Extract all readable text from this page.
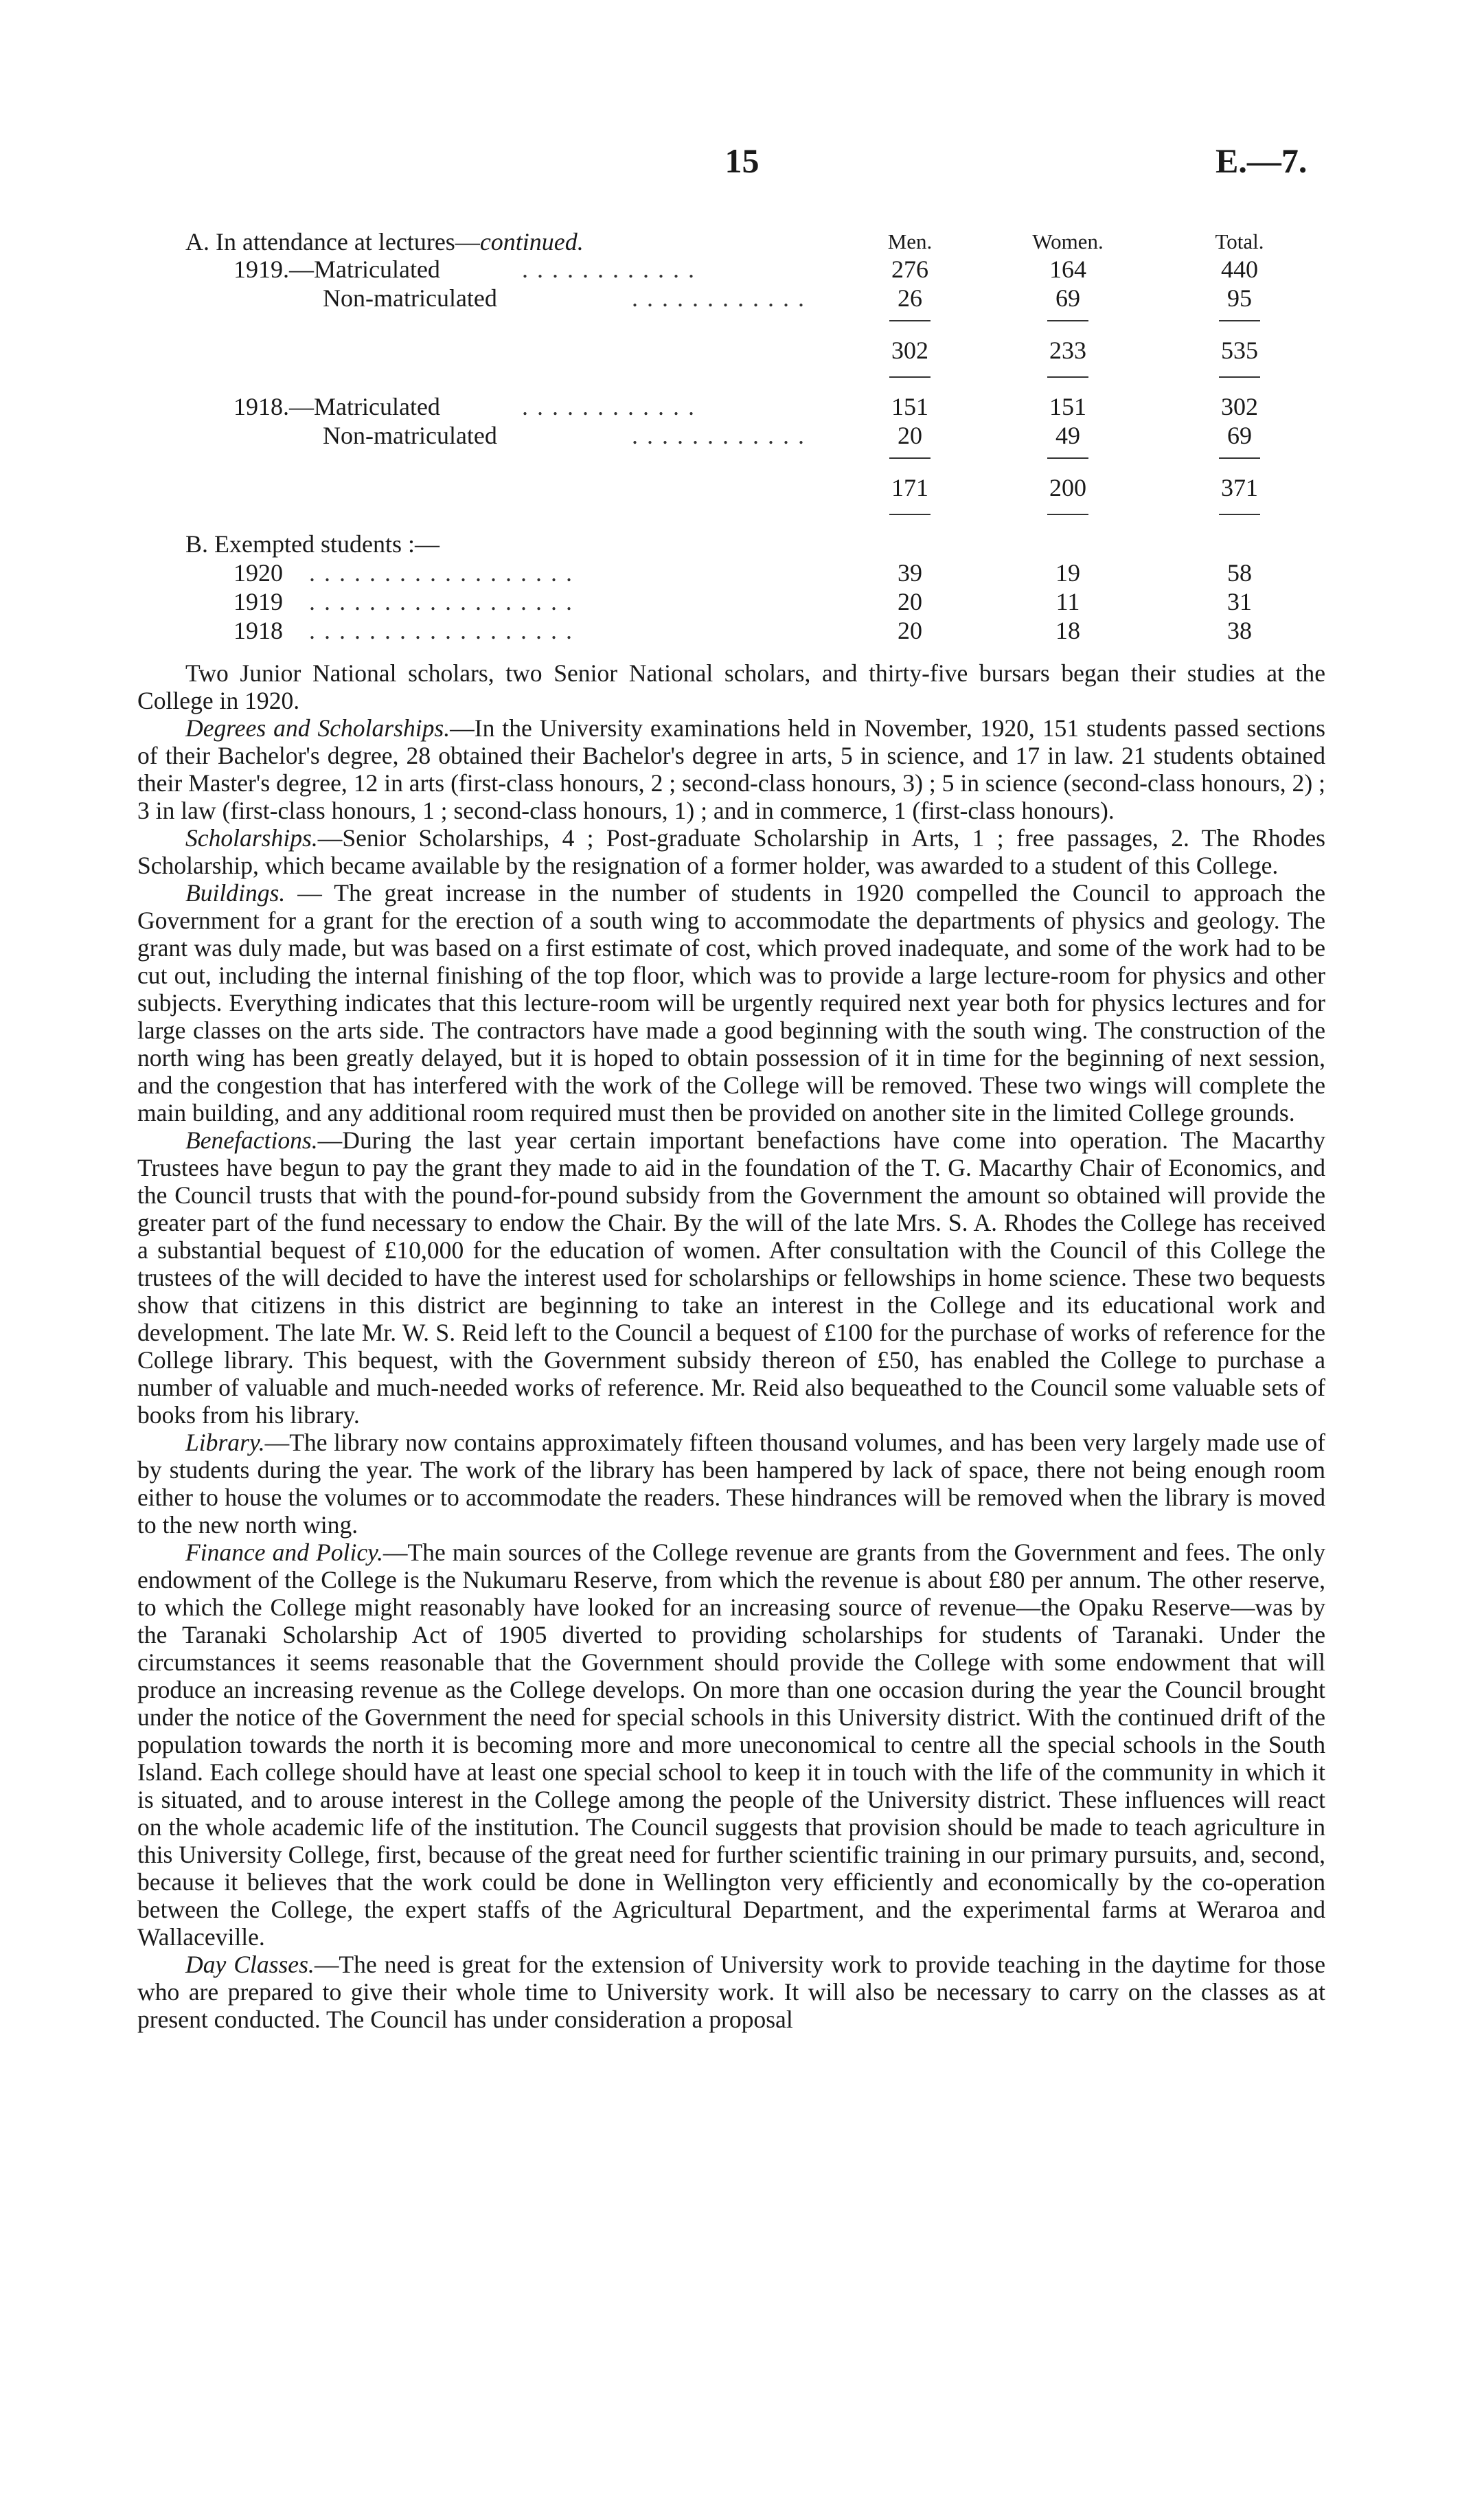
15	E.—7.
A. In attendance at lectures—continued.	Men.	Women.	Total.
1919.—Matriculated	. . . . . . . . . . . .	276	164	440
Non-matriculated	. . . . . . . . . . . .	26	69	95
302	233	535
1918.—Matriculated	. . . . . . . . . . . .	151	151	302
Non-matriculated	. . . . . . . . . . . .	20	49	69
171	200	371
B. Exempted students :—
1920 . . . . . . . . . . . . . . . . . .	39	19	58
1919 . . . . . . . . . . . . . . . . . .	20	11	31
1918 . . . . . . . . . . . . . . . . . .	20	18	38

Two Junior National scholars, two Senior National scholars, and thirty-five bursars began their studies at the College in 1920.

Degrees and Scholarships.—In the University examinations held in November, 1920, 151 students passed sections of their Bachelor's degree, 28 obtained their Bachelor's degree in arts, 5 in science, and 17 in law. 21 students obtained their Master's degree, 12 in arts (first-class honours, 2 ; second-class honours, 3) ; 5 in science (second-class honours, 2) ; 3 in law (first-class honours, 1 ; second-class honours, 1) ; and in commerce, 1 (first-class honours).

Scholarships.—Senior Scholarships, 4 ; Post-graduate Scholarship in Arts, 1 ; free passages, 2. The Rhodes Scholarship, which became available by the resignation of a former holder, was awarded to a student of this College.

Buildings. — The great increase in the number of students in 1920 compelled the Council to approach the Government for a grant for the erection of a south wing to accommodate the departments of physics and geology. The grant was duly made, but was based on a first estimate of cost, which proved inadequate, and some of the work had to be cut out, including the internal finishing of the top floor, which was to provide a large lecture-room for physics and other subjects. Everything indicates that this lecture-room will be urgently required next year both for physics lectures and for large classes on the arts side. The contractors have made a good beginning with the south wing. The construction of the north wing has been greatly delayed, but it is hoped to obtain possession of it in time for the beginning of next session, and the congestion that has interfered with the work of the College will be removed. These two wings will complete the main building, and any additional room required must then be provided on another site in the limited College grounds.

Benefactions.—During the last year certain important benefactions have come into operation. The Macarthy Trustees have begun to pay the grant they made to aid in the foundation of the T. G. Macarthy Chair of Economics, and the Council trusts that with the pound-for-pound subsidy from the Government the amount so obtained will provide the greater part of the fund necessary to endow the Chair. By the will of the late Mrs. S. A. Rhodes the College has received a substantial bequest of £10,000 for the education of women. After consultation with the Council of this College the trustees of the will decided to have the interest used for scholarships or fellowships in home science. These two bequests show that citizens in this district are beginning to take an interest in the College and its educational work and development. The late Mr. W. S. Reid left to the Council a bequest of £100 for the purchase of works of reference for the College library. This bequest, with the Government subsidy thereon of £50, has enabled the College to purchase a number of valuable and much-needed works of reference. Mr. Reid also bequeathed to the Council some valuable sets of books from his library.

Library.—The library now contains approximately fifteen thousand volumes, and has been very largely made use of by students during the year. The work of the library has been hampered by lack of space, there not being enough room either to house the volumes or to accommodate the readers. These hindrances will be removed when the library is moved to the new north wing.

Finance and Policy.—The main sources of the College revenue are grants from the Government and fees. The only endowment of the College is the Nukumaru Reserve, from which the revenue is about £80 per annum. The other reserve, to which the College might reasonably have looked for an increasing source of revenue—the Opaku Reserve—was by the Taranaki Scholarship Act of 1905 diverted to providing scholarships for students of Taranaki. Under the circumstances it seems reasonable that the Government should provide the College with some endowment that will produce an increasing revenue as the College develops. On more than one occasion during the year the Council brought under the notice of the Government the need for special schools in this University district. With the continued drift of the population towards the north it is becoming more and more uneconomical to centre all the special schools in the South Island. Each college should have at least one special school to keep it in touch with the life of the community in which it is situated, and to arouse interest in the College among the people of the University district. These influences will react on the whole academic life of the institution. The Council suggests that provision should be made to teach agriculture in this University College, first, because of the great need for further scientific training in our primary pursuits, and, second, because it believes that the work could be done in Wellington very efficiently and economically by the co-operation between the College, the expert staffs of the Agricultural Department, and the experimental farms at Weraroa and Wallaceville.

Day Classes.—The need is great for the extension of University work to provide teaching in the daytime for those who are prepared to give their whole time to University work. It will also be necessary to carry on the classes as at present conducted. The Council has under consideration a proposal
